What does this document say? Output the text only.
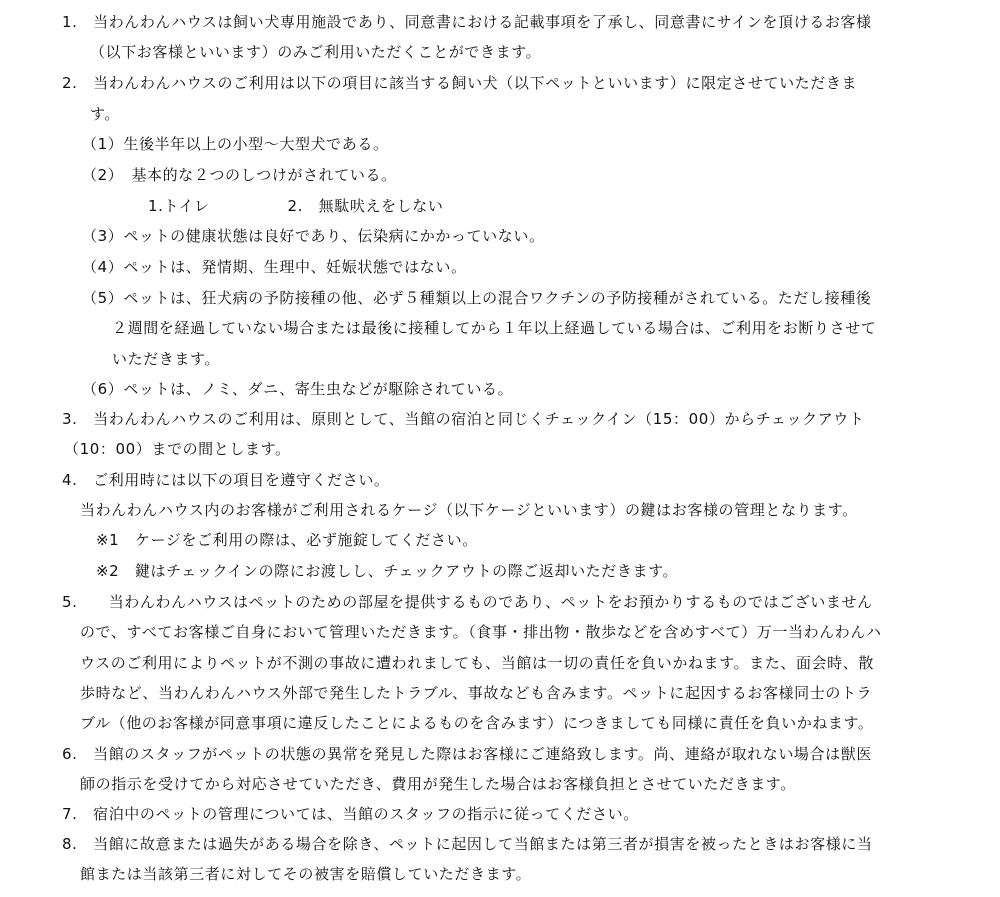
1.　当わんわんハウスは飼い犬専用施設であり、同意書における記載事項を了承し、同意書にサインを頂けるお客様
（以下お客様といいます）のみご利用いただくことができます。
2.　当わんわんハウスのご利用は以下の項目に該当する飼い犬（以下ペットといいます）に限定させていただきま
す。
（1）生後半年以上の小型～大型犬である。
（2）　基本的な２つのしつけがされている。
1.トイレ　　　　　2.　無駄吠えをしない
（3）ペットの健康状態は良好であり、伝染病にかかっていない。
（4）ペットは、発情期、生理中、妊娠状態ではない。
（5）ペットは、狂犬病の予防接種の他、必ず５種類以上の混合ワクチンの予防接種がされている。ただし接種後
２週間を経過していない場合または最後に接種してから１年以上経過している場合は、ご利用をお断りさせて
いただきます。
（6）ペットは、ノミ、ダニ、寄生虫などが駆除されている。
3.　当わんわんハウスのご利用は、原則として、当館の宿泊と同じくチェックイン（15：00）からチェックアウト
（10：00）までの間とします。
4.　ご利用時には以下の項目を遵守ください。
当わんわんハウス内のお客様がご利用されるケージ（以下ケージといいます）の鍵はお客様の管理となります。
※1　ケージをご利用の際は、必ず施錠してください。
※2　鍵はチェックインの際にお渡しし、チェックアウトの際ご返却いただきます。
5.　　当わんわんハウスはペットのための部屋を提供するものであり、ペットをお預かりするものではございません
ので、すべてお客様ご自身において管理いただきます。（食事・排出物・散歩などを含めすべて）万一当わんわんハ
ウスのご利用によりペットが不測の事故に遭われましても、当館は一切の責任を負いかねます。また、面会時、散
歩時など、当わんわんハウス外部で発生したトラブル、事故なども含みます。ペットに起因するお客様同士のトラ
ブル（他のお客様が同意事項に違反したことによるものを含みます）につきましても同様に責任を負いかねます。
6.　当館のスタッフがペットの状態の異常を発見した際はお客様にご連絡致します。尚、連絡が取れない場合は獣医
師の指示を受けてから対応させていただき、費用が発生した場合はお客様負担とさせていただきます。
7.　宿泊中のペットの管理については、当館のスタッフの指示に従ってください。
8.　当館に故意または過失がある場合を除き、ペットに起因して当館または第三者が損害を被ったときはお客様に当
館または当該第三者に対してその被害を賠償していただきます。
